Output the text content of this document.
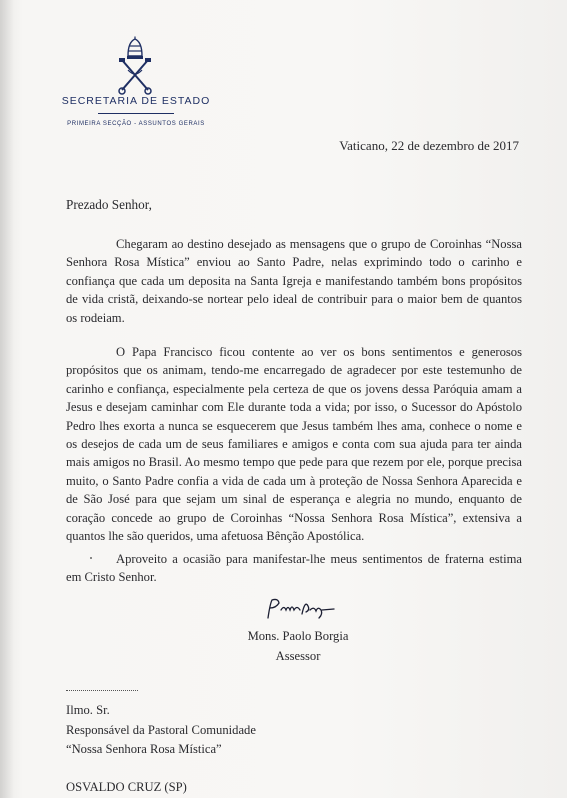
SECRETARIA DE ESTADO
PRIMEIRA SECÇÃO - ASSUNTOS GERAIS
Vaticano, 22 de dezembro de 2017
Prezado Senhor,
Chegaram ao destino desejado as mensagens que o grupo de Coroinhas “Nossa Senhora Rosa Mística” enviou ao Santo Padre, nelas exprimindo todo o carinho e confiança que cada um deposita na Santa Igreja e manifestando também bons propósitos de vida cristã, deixando-se nortear pelo ideal de contribuir para o maior bem de quantos os rodeiam.
O Papa Francisco ficou contente ao ver os bons sentimentos e generosos propósitos que os animam, tendo-me encarregado de agradecer por este testemunho de carinho e confiança, especialmente pela certeza de que os jovens dessa Paróquia amam a Jesus e desejam caminhar com Ele durante toda a vida; por isso, o Sucessor do Apóstolo Pedro lhes exorta a nunca se esquecerem que Jesus também lhes ama, conhece o nome e os desejos de cada um de seus familiares e amigos e conta com sua ajuda para ter ainda mais amigos no Brasil. Ao mesmo tempo que pede para que rezem por ele, porque precisa muito, o Santo Padre confia a vida de cada um à proteção de Nossa Senhora Aparecida e de São José para que sejam um sinal de esperança e alegria no mundo, enquanto de coração concede ao grupo de Coroinhas “Nossa Senhora Rosa Mística”, extensiva a quantos lhe são queridos, uma afetuosa Bênção Apostólica.
Aproveito a ocasião para manifestar-lhe meus sentimentos de fraterna estima em Cristo Senhor.
Mons. Paolo Borgia
Assessor
Ilmo. Sr.
Responsável da Pastoral Comunidade
“Nossa Senhora Rosa Mística”
OSVALDO CRUZ (SP)
